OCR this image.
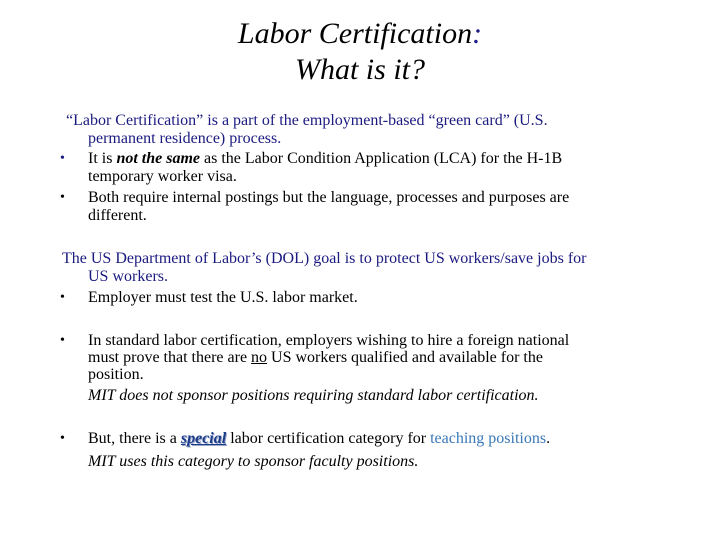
Labor Certification:
What is it?
“Labor Certification” is a part of the employment-based “green card” (U.S.
permanent residence) process.
•	It is not the same as the Labor Condition Application (LCA) for the H-1B
temporary worker visa.
•	Both require internal postings but the language, processes and purposes are
different.
The US Department of Labor’s (DOL) goal is to protect US workers/save jobs for
US workers.
•	Employer must test the U.S. labor market.
•	In standard labor certification, employers wishing to hire a foreign national
must prove that there are no US workers qualified and available for the
position.
MIT does not sponsor positions requiring standard labor certification.
•	But, there is a special labor certification category for teaching positions.
MIT uses this category to sponsor faculty positions.
